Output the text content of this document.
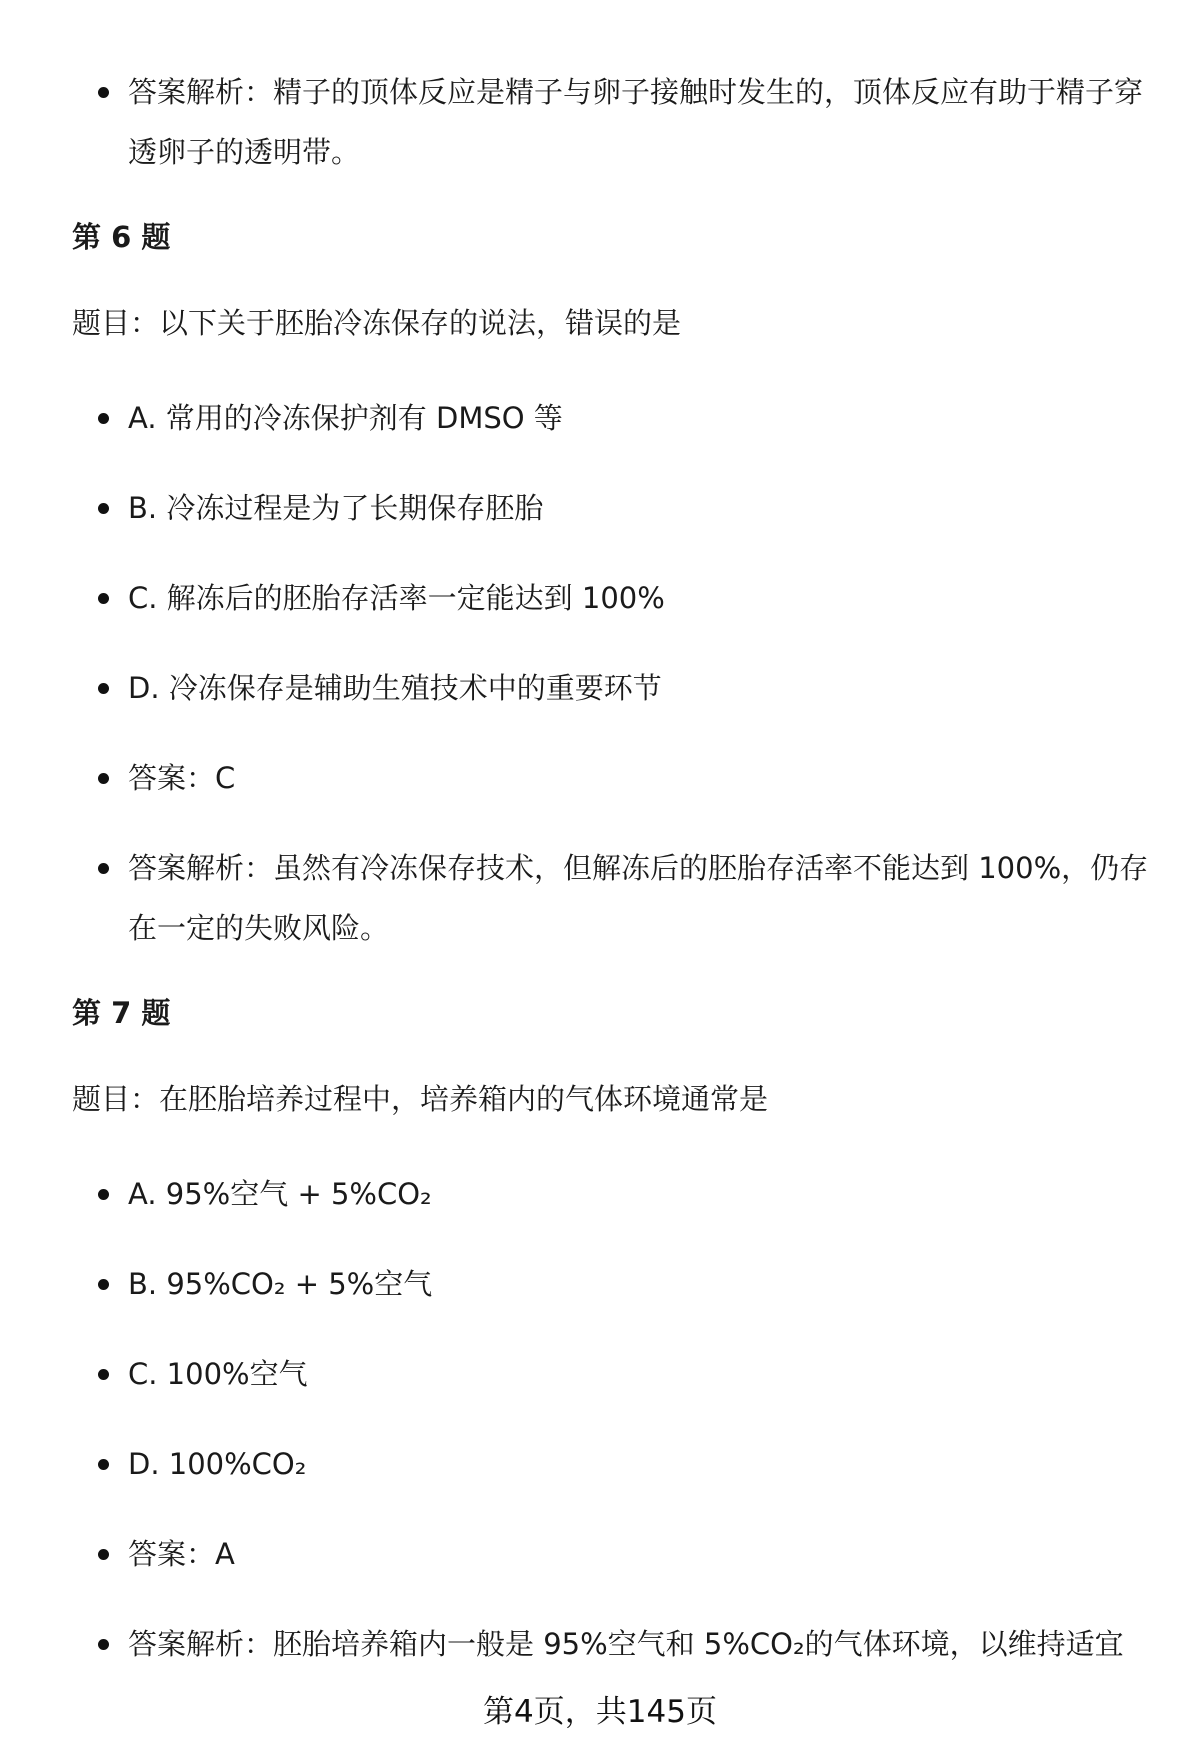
答案解析：精子的顶体反应是精子与卵子接触时发生的，顶体反应有助于精子穿透卵子的透明带。
第 6 题
题目：以下关于胚胎冷冻保存的说法，错误的是
A. 常用的冷冻保护剂有 DMSO 等
B. 冷冻过程是为了长期保存胚胎
C. 解冻后的胚胎存活率一定能达到 100%
D. 冷冻保存是辅助生殖技术中的重要环节
答案：C
答案解析：虽然有冷冻保存技术，但解冻后的胚胎存活率不能达到 100%，仍存在一定的失败风险。
第 7 题
题目：在胚胎培养过程中，培养箱内的气体环境通常是
A. 95%空气 + 5%CO₂
B. 95%CO₂ + 5%空气
C. 100%空气
D. 100%CO₂
答案：A
答案解析：胚胎培养箱内一般是 95%空气和 5%CO₂的气体环境，以维持适宜
第4页，共145页
